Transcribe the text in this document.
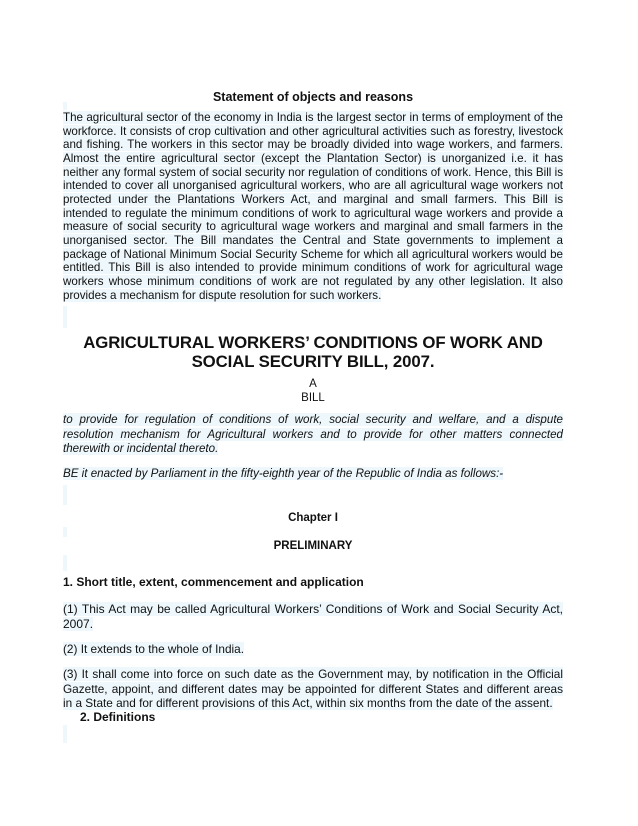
Statement of objects and reasons
The agricultural sector of the economy in India is the largest sector in terms of employment of the workforce. It consists of crop cultivation and other agricultural activities such as forestry, livestock and fishing. The workers in this sector may be broadly divided into wage workers, and farmers. Almost the entire agricultural sector (except the Plantation Sector) is unorganized i.e. it has neither any formal system of social security nor regulation of conditions of work. Hence, this Bill is intended to cover all unorganised agricultural workers, who are all agricultural wage workers not protected under the Plantations Workers Act, and marginal and small farmers. This Bill is intended to regulate the minimum conditions of work to agricultural wage workers and provide a measure of social security to agricultural wage workers and marginal and small farmers in the unorganised sector. The Bill mandates the Central and State governments to implement a package of National Minimum Social Security Scheme for which all agricultural workers would be entitled. This Bill is also intended to provide minimum conditions of work for agricultural wage workers whose minimum conditions of work are not regulated by any other legislation. It also provides a mechanism for dispute resolution for such workers.
AGRICULTURAL WORKERS’ CONDITIONS OF WORK AND SOCIAL SECURITY BILL, 2007.
A
BILL
to provide for regulation of conditions of work, social security and welfare, and a dispute resolution mechanism for Agricultural workers and to provide for other matters connected therewith or incidental thereto.
BE it enacted by Parliament in the fifty-eighth year of the Republic of India as follows:-
Chapter I
PRELIMINARY
1. Short title, extent, commencement and application
(1) This Act may be called Agricultural Workers’ Conditions of Work and Social Security Act, 2007.
(2) It extends to the whole of India.
(3) It shall come into force on such date as the Government may, by notification in the Official Gazette, appoint, and different dates may be appointed for different States and different areas in a State and for different provisions of this Act, within six months from the date of the assent.
2. Definitions
